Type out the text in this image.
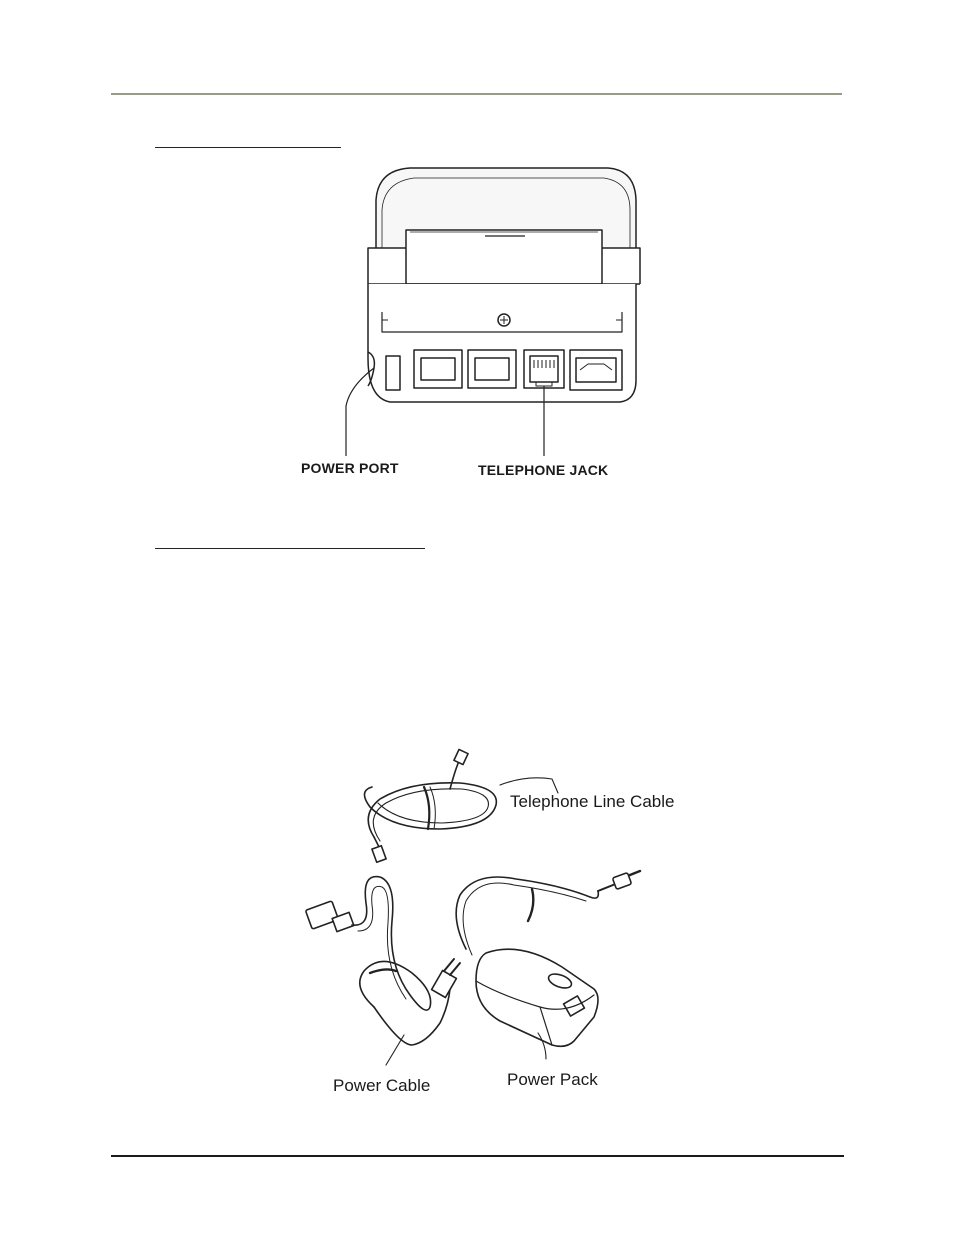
POWER PORT	TELEPHONE JACK
Telephone Line Cable
Power Cable	Power Pack
